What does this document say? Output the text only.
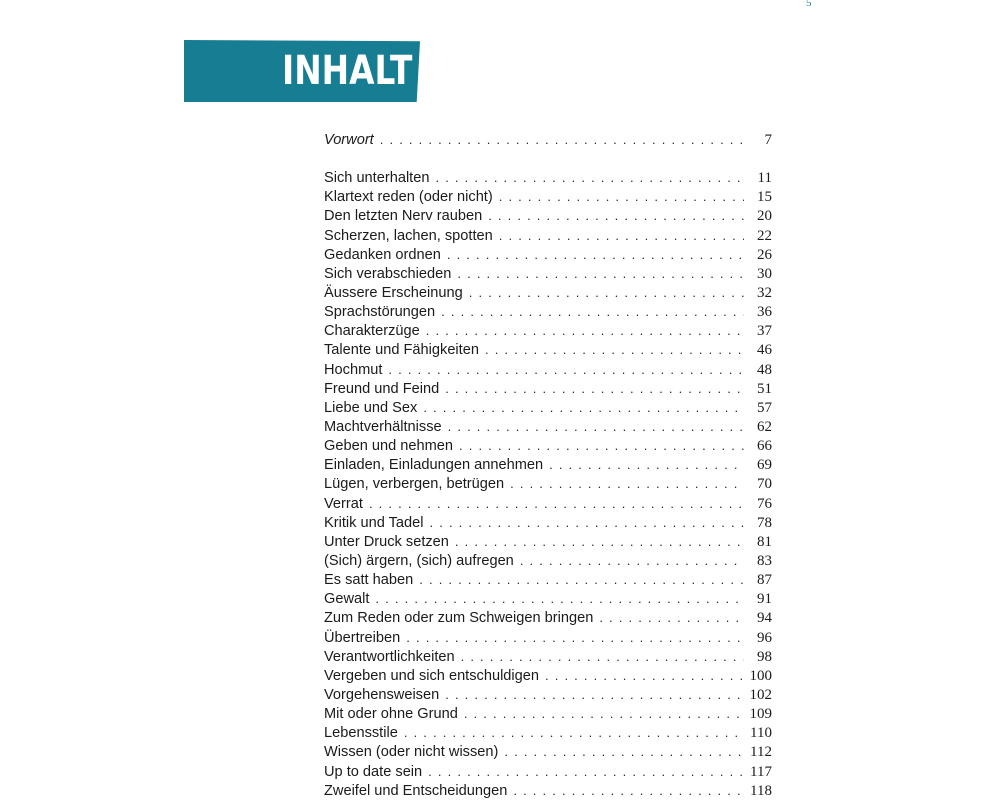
5
INHALT
Vorwort . . .	7
Sich unterhalten . . .	11
Klartext reden (oder nicht) . . .	15
Den letzten Nerv rauben . . .	20
Scherzen, lachen, spotten . . .	22
Gedanken ordnen . . .	26
Sich verabschieden . . .	30
Äussere Erscheinung . . .	32
Sprachstörungen . . .	36
Charakterzüge . . .	37
Talente und Fähigkeiten . . .	46
Hochmut . . .	48
Freund und Feind . . .	51
Liebe und Sex . . .	57
Machtverhältnisse . . .	62
Geben und nehmen . . .	66
Einladen, Einladungen annehmen . . .	69
Lügen, verbergen, betrügen . . .	70
Verrat . . .	76
Kritik und Tadel . . .	78
Unter Druck setzen . . .	81
(Sich) ärgern, (sich) aufregen . . .	83
Es satt haben . . .	87
Gewalt . . .	91
Zum Reden oder zum Schweigen bringen . . .	94
Übertreiben . . .	96
Verantwortlichkeiten . . .	98
Vergeben und sich entschuldigen . . .	100
Vorgehensweisen . . .	102
Mit oder ohne Grund . . .	109
Lebensstile . . .	110
Wissen (oder nicht wissen) . . .	112
Up to date sein . . .	117
Zweifel und Entscheidungen . . .	118
